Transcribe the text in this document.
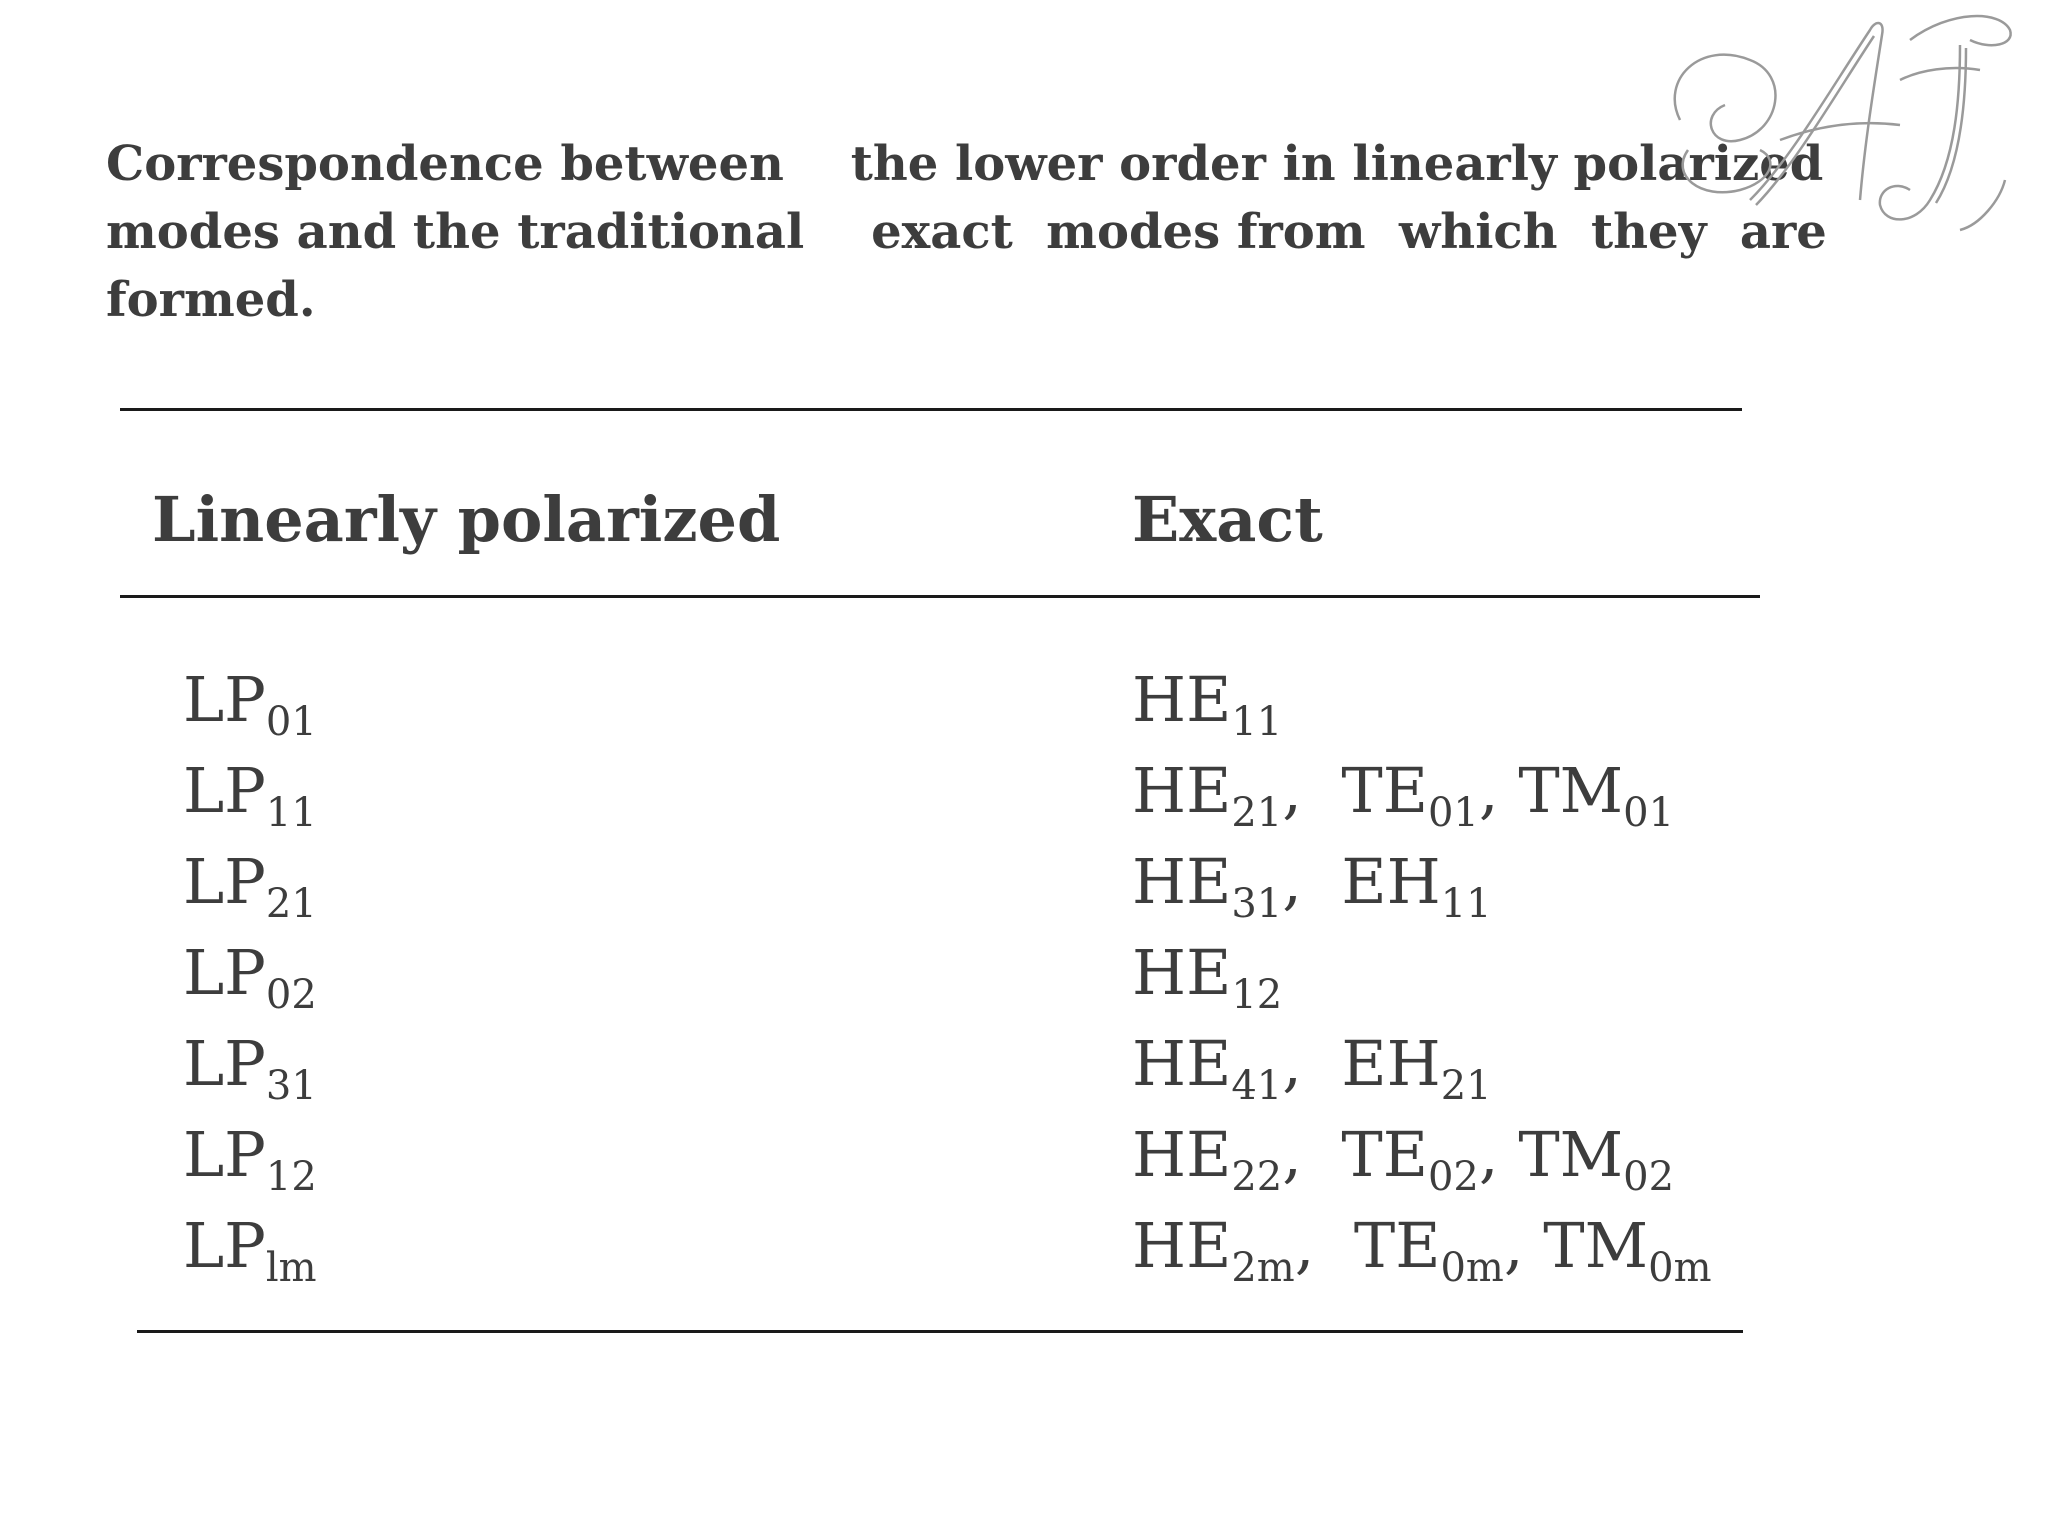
Correspondence between    the lower order in linearly polarized
modes and the traditional    exact  modes from  which  they  are
formed.
Linearly polarized	Exact
$LP_{01}$	$HE_{11}$
$LP_{11}$	$HE_{21}$,  $TE_{01}$, $TM_{01}$
$LP_{21}$	$HE_{31}$,  $EH_{11}$
$LP_{02}$	$HE_{12}$
$LP_{31}$	$HE_{41}$,  $EH_{21}$
$LP_{12}$	$HE_{22}$,  $TE_{02}$, $TM_{02}$
$LP_{lm}$	$HE_{2m}$,  $TE_{0m}$, $TM_{0m}$
